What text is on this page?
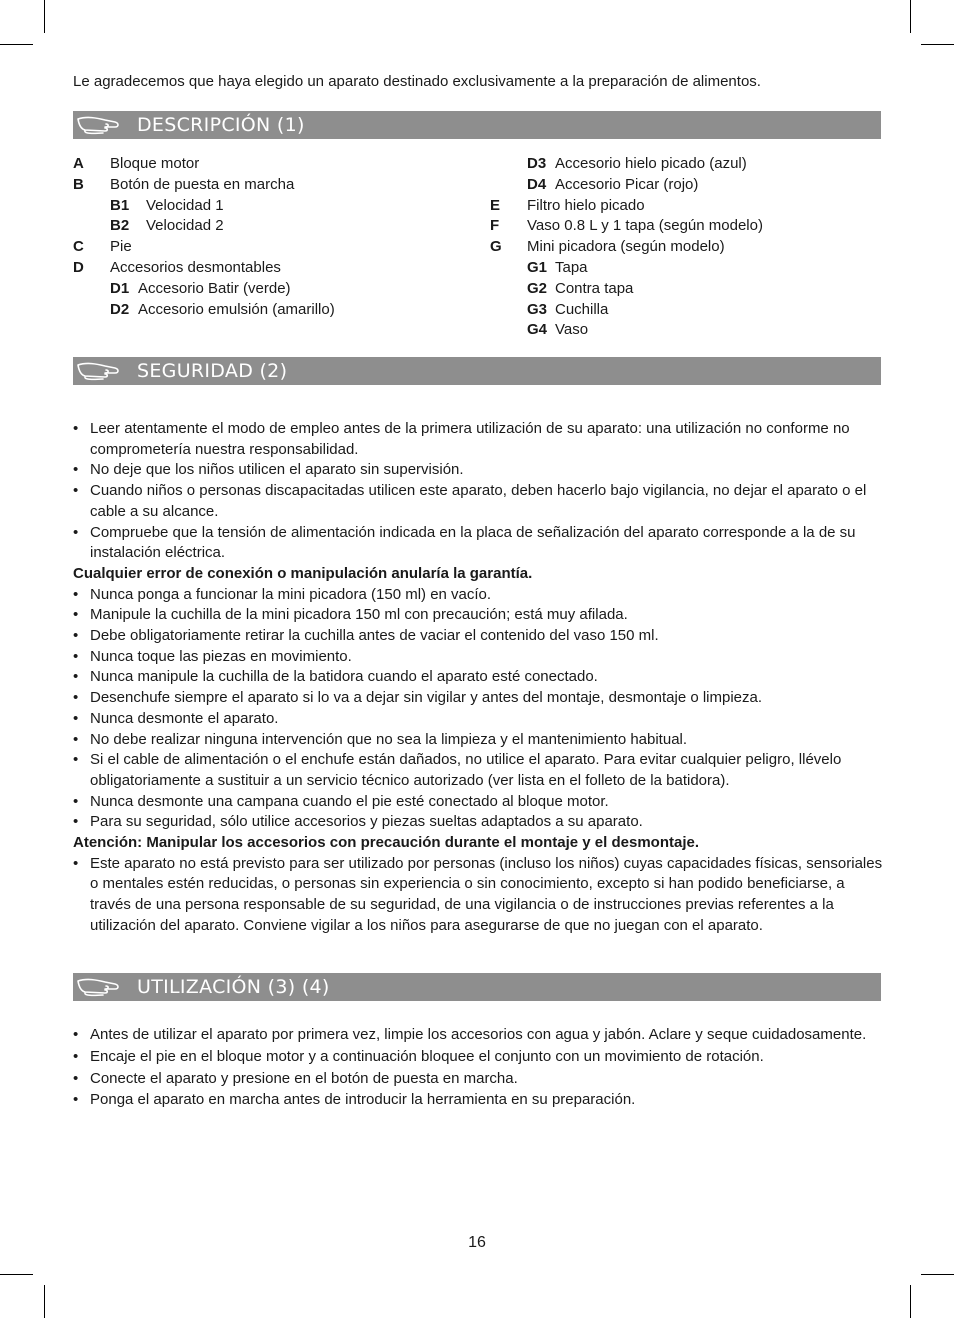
Le agradecemos que haya elegido un aparato destinado exclusivamente a la preparación de alimentos.
DESCRIPCIÓN (1)
A Bloque motor
B Botón de puesta en marcha
B1 Velocidad 1
B2 Velocidad 2
C Pie
D Accesorios desmontables
D1 Accesorio Batir (verde)
D2 Accesorio emulsión (amarillo)
D3 Accesorio hielo picado (azul)
D4 Accesorio Picar (rojo)
E Filtro hielo picado
F Vaso 0.8 L y 1 tapa (según modelo)
G Mini picadora (según modelo)
G1 Tapa
G2 Contra tapa
G3 Cuchilla
G4 Vaso
SEGURIDAD (2)
• Leer atentamente el modo de empleo antes de la primera utilización de su aparato: una utilización no conforme no comprometería nuestra responsabilidad.
• No deje que los niños utilicen el aparato sin supervisión.
• Cuando niños o personas discapacitadas utilicen este aparato, deben hacerlo bajo vigilancia, no dejar el aparato o el cable a su alcance.
• Compruebe que la tensión de alimentación indicada en la placa de señalización del aparato corresponde a la de su instalación eléctrica.
Cualquier error de conexión o manipulación anularía la garantía.
• Nunca ponga a funcionar la mini picadora (150 ml) en vacío.
• Manipule la cuchilla de la mini picadora 150 ml con precaución; está muy afilada.
• Debe obligatoriamente retirar la cuchilla antes de vaciar el contenido del vaso 150 ml.
• Nunca toque las piezas en movimiento.
• Nunca manipule la cuchilla de la batidora cuando el aparato esté conectado.
• Desenchufe siempre el aparato si lo va a dejar sin vigilar y antes del montaje, desmontaje o limpieza.
• Nunca desmonte el aparato.
• No debe realizar ninguna intervención que no sea la limpieza y el mantenimiento habitual.
• Si el cable de alimentación o el enchufe están dañados, no utilice el aparato. Para evitar cualquier peligro, llévelo obligatoriamente a sustituir a un servicio técnico autorizado (ver lista en el folleto de la batidora).
• Nunca desmonte una campana cuando el pie esté conectado al bloque motor.
• Para su seguridad, sólo utilice accesorios y piezas sueltas adaptados a su aparato.
Atención: Manipular los accesorios con precaución durante el montaje y el desmontaje.
• Este aparato no está previsto para ser utilizado por personas (incluso los niños) cuyas capacidades físicas, sensoriales o mentales estén reducidas, o personas sin experiencia o sin conocimiento, excepto si han podido beneficiarse, a través de una persona responsable de su seguridad, de una vigilancia o de instrucciones previas referentes a la utilización del aparato. Conviene vigilar a los niños para asegurarse de que no juegan con el aparato.
UTILIZACIÓN (3) (4)
• Antes de utilizar el aparato por primera vez, limpie los accesorios con agua y jabón. Aclare y seque cuidadosamente.
• Encaje el pie en el bloque motor y a continuación bloquee el conjunto con un movimiento de rotación.
• Conecte el aparato y presione en el botón de puesta en marcha.
• Ponga el aparato en marcha antes de introducir la herramienta en su preparación.
16
